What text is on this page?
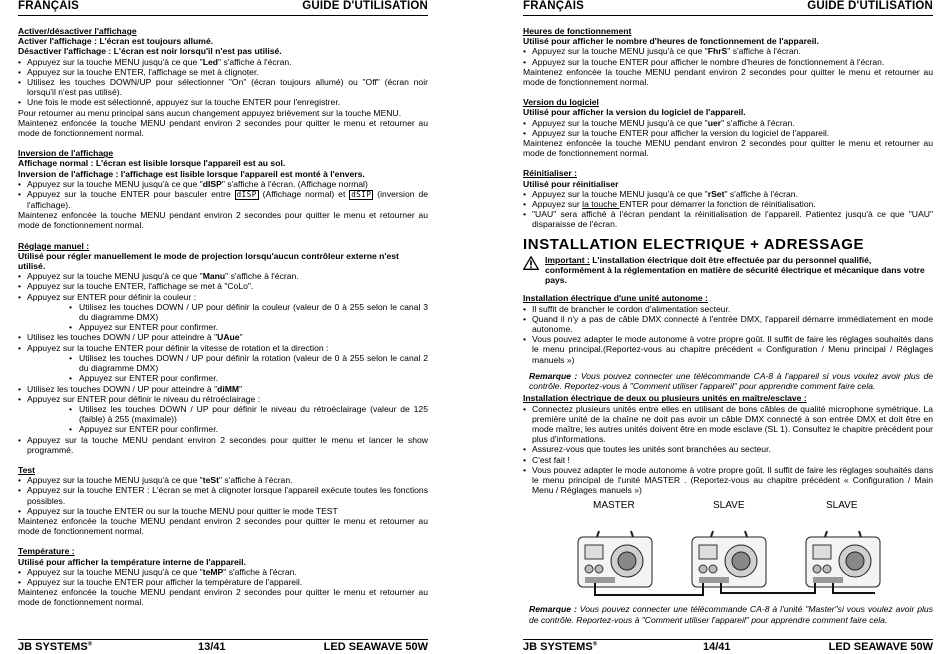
FRANÇAIS	GUIDE D'UTILISATION
Activer/désactiver l'affichage
Activer l'affichage : L'écran est toujours allumé.
Désactiver l'affichage : L'écran est noir lorsqu'il n'est pas utilisé.
• Appuyez sur la touche MENU jusqu'à ce que "Led" s'affiche à l'écran.
• Appuyez sur la touche ENTER, l'affichage se met à clignoter.
• Utilisez les touches DOWN/UP pour sélectionner "On" (écran toujours allumé) ou "Off" (écran noir lorsqu'il n'est pas utilisé).
• Une fois le mode est sélectionné, appuyez sur la touche ENTER pour l'enregistrer.
Pour retourner au menu principal sans aucun changement appuyez brièvement sur la touche MENU.
Maintenez enfoncée la touche MENU pendant environ 2 secondes pour quitter le menu et retourner au mode de fonctionnement normal.
Inversion de l'affichage
Affichage normal : L'écran est lisible lorsque l'appareil est au sol.
Inversion de l'affichage : l'affichage est lisible lorsque l'appareil est monté à l'envers.
• Appuyez sur la touche MENU jusqu'à ce que "dISP" s'affiche à l'écran. (Affichage normal)
• Appuyez sur la touche ENTER pour basculer entre dISP (Affichage normal) et dSIP (inversion de l'affichage).
Maintenez enfoncée la touche MENU pendant environ 2 secondes pour quitter le menu et retourner au mode de fonctionnement normal.
Réglage manuel :
Utilisé pour régler manuellement le mode de projection lorsqu'aucun contrôleur externe n'est utilisé.
• Appuyez sur la touche MENU jusqu'à ce que "Manu" s'affiche à l'écran.
• Appuyez sur la touche ENTER, l'affichage se met à "CoLo".
• Appuyez sur ENTER pour définir la couleur :
• Utilisez les touches DOWN / UP pour définir la couleur (valeur de 0 à 255 selon le canal 3 du diagramme DMX)
• Appuyez sur ENTER pour confirmer.
• Utilisez les touches DOWN / UP pour atteindre à "UAue"
• Appuyez sur la touche ENTER pour définir la vitesse de rotation et la direction :
• Utilisez les touches DOWN / UP pour définir la rotation (valeur de 0 à 255 selon le canal 2 du diagramme DMX)
• Appuyez sur ENTER pour confirmer.
• Utilisez les touches DOWN / UP pour atteindre à "diMM"
• Appuyez sur ENTER pour définir le niveau du rétroéclairage :
• Utilisez les touches DOWN / UP pour définir le niveau du rétroéclairage (valeur de 125 (faible) à 255 (maximale))
• Appuyez sur ENTER pour confirmer.
• Appuyez sur la touche MENU pendant environ 2 secondes pour quitter le menu et lancer le show programmé.
Test
• Appuyez sur la touche MENU jusqu'à ce que "teSt" s'affiche à l'écran.
• Appuyez sur la touche ENTER : L'écran se met à clignoter lorsque l'appareil exécute toutes les fonctions possibles.
• Appuyez sur la touche ENTER ou sur la touche MENU pour quitter le mode TEST
Maintenez enfoncée la touche MENU pendant environ 2 secondes pour quitter le menu et retourner au mode de fonctionnement normal.
Température :
Utilisé pour afficher la température interne de l'appareil.
• Appuyez sur la touche MENU jusqu'à ce que "teMP" s'affiche à l'écran.
• Appuyez sur la touche ENTER pour afficher la température de l'appareil.
Maintenez enfoncée la touche MENU pendant environ 2 secondes pour quitter le menu et retourner au mode de fonctionnement normal.
JB SYSTEMS®	13/41	LED SEAWAVE 50W
FRANÇAIS	GUIDE D'UTILISATION
Heures de fonctionnement
Utilisé pour afficher le nombre d'heures de fonctionnement de l'appareil.
• Appuyez sur la touche MENU jusqu'à ce que "FhrS" s'affiche à l'écran.
• Appuyez sur la touche ENTER pour afficher le nombre d'heures de fonctionnement à l'écran.
Maintenez enfoncée la touche MENU pendant environ 2 secondes pour quitter le menu et retourner au mode de fonctionnement normal.
Version du logiciel
Utilisé pour afficher la version du logiciel de l'appareil.
• Appuyez sur la touche MENU jusqu'à ce que "uer" s'affiche à l'écran.
• Appuyez sur la touche ENTER pour afficher la version du logiciel de l'appareil.
Maintenez enfoncée la touche MENU pendant environ 2 secondes pour quitter le menu et retourner au mode de fonctionnement normal.
Réinitialiser :
Utilisé pour réinitialiser
• Appuyez sur la touche MENU jusqu'à ce que "rSet" s'affiche à l'écran.
• Appuyez sur la touche ENTER pour démarrer la fonction de réinitialisation.
• "UAU" sera affiché à l'écran pendant la réinitialisation de l'appareil. Patientez jusqu'à ce que "UAU" disparaisse de l'écran.
INSTALLATION ELECTRIQUE + ADRESSAGE
Important : L'installation électrique doit être effectuée par du personnel qualifié, conformément à la réglementation en matière de sécurité électrique et mécanique dans votre pays.
Installation électrique d'une unité autonome :
• Il suffit de brancher le cordon d'alimentation secteur.
• Quand il n'y a pas de câble DMX connecté à l'entrée DMX, l'appareil démarre immédiatement en mode autonome.
• Vous pouvez adapter le mode autonome à votre propre goût. Il suffit de faire les réglages souhaités dans le menu principal.(Reportez-vous au chapitre précédent « Configuration / Menu principal / Réglages manuels »)
Remarque : Vous pouvez connecter une télécommande CA-8 à l'appareil si vous voulez avoir plus de contrôle. Reportez-vous à "Comment utiliser l'appareil" pour apprendre comment faire cela.
Installation électrique de deux ou plusieurs unités en maître/esclave :
• Connectez plusieurs unités entre elles en utilisant de bons câbles de qualité microphone symétrique. La première unité de la chaîne ne doit pas avoir un câble DMX connecté à son entrée DMX et doit être en mode maître, les autres unités doivent être en mode esclave (SL 1). Consultez le chapitre précédent pour plus d'informations.
• Assurez-vous que toutes les unités sont branchées au secteur.
• C'est fait !
• Vous pouvez adapter le mode autonome à votre propre goût. Il suffit de faire les réglages souhaités dans le menu principal de l'unité MASTER . (Reportez-vous au chapitre précédent « Configuration / Main Menu / Réglages manuels »)
MASTER	SLAVE	SLAVE
Remarque : Vous pouvez connecter une télécommande CA-8 à l'unité "Master"si vous voulez avoir plus de contrôle. Reportez-vous à "Comment utiliser l'appareil" pour apprendre comment faire cela.
JB SYSTEMS®	14/41	LED SEAWAVE 50W
